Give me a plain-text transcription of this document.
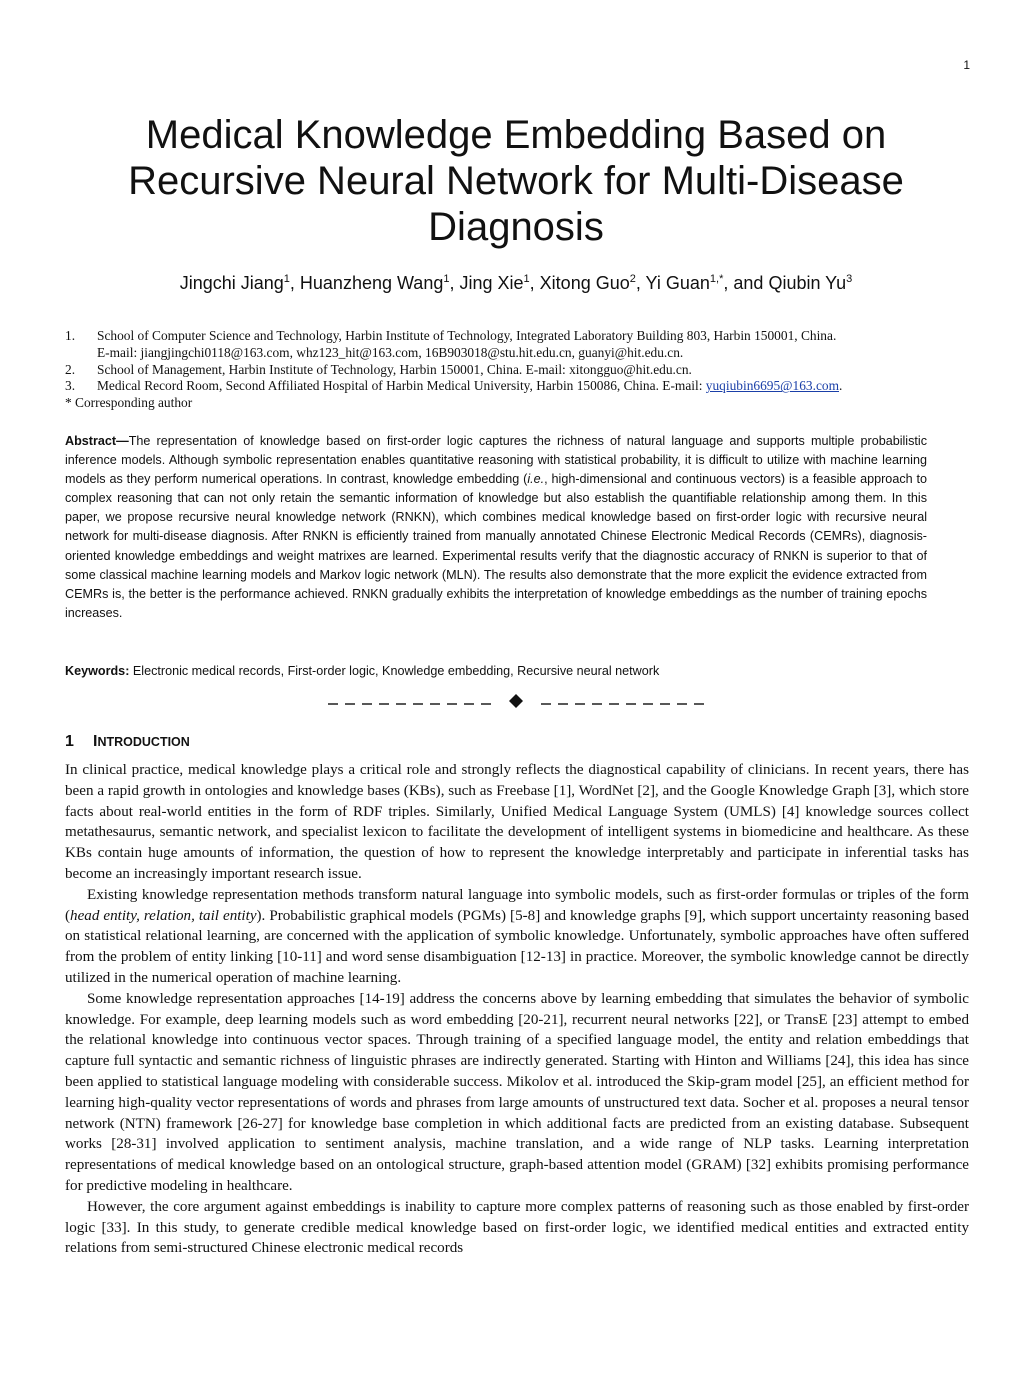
1
Medical Knowledge Embedding Based on Recursive Neural Network for Multi-Disease Diagnosis
Jingchi Jiang$^1$, Huanzheng Wang$^1$, Jing Xie$^1$, Xitong Guo$^2$, Yi Guan$^{1,*}$, and Qiubin Yu$^3$
1.	School of Computer Science and Technology, Harbin Institute of Technology, Integrated Laboratory Building 803, Harbin 150001, China.
E-mail: jiangjingchi0118@163.com, whz123_hit@163.com, 16B903018@stu.hit.edu.cn, guanyi@hit.edu.cn.
2.	School of Management, Harbin Institute of Technology, Harbin 150001, China. E-mail: xitongguo@hit.edu.cn.
3.	Medical Record Room, Second Affiliated Hospital of Harbin Medical University, Harbin 150086, China. E-mail: yuqiubin6695@163.com.
* Corresponding author

Abstract—The representation of knowledge based on first-order logic captures the richness of natural language and supports multiple probabilistic inference models. Although symbolic representation enables quantitative reasoning with statistical probability, it is difficult to utilize with machine learning models as they perform numerical operations. In contrast, knowledge embedding (i.e., high-dimensional and continuous vectors) is a feasible approach to complex reasoning that can not only retain the semantic information of knowledge but also establish the quantifiable relationship among them. In this paper, we propose recursive neural knowledge network (RNKN), which combines medical knowledge based on first-order logic with recursive neural network for multi-disease diagnosis. After RNKN is efficiently trained from manually annotated Chinese Electronic Medical Records (CEMRs), diagnosis-oriented knowledge embeddings and weight matrixes are learned. Experimental results verify that the diagnostic accuracy of RNKN is superior to that of some classical machine learning models and Markov logic network (MLN). The results also demonstrate that the more explicit the evidence extracted from CEMRs is, the better is the performance achieved. RNKN gradually exhibits the interpretation of knowledge embeddings as the number of training epochs increases.

Keywords: Electronic medical records, First-order logic, Knowledge embedding, Recursive neural network
1 INTRODUCTION

In clinical practice, medical knowledge plays a critical role and strongly reflects the diagnostical capability of clinicians. In recent years, there has been a rapid growth in ontologies and knowledge bases (KBs), such as Freebase [1], WordNet [2], and the Google Knowledge Graph [3], which store facts about real-world entities in the form of RDF triples. Similarly, Unified Medical Language System (UMLS) [4] knowledge sources collect metathesaurus, semantic network, and specialist lexicon to facilitate the development of intelligent systems in biomedicine and healthcare. As these KBs contain huge amounts of information, the question of how to represent the knowledge interpretably and participate in inferential tasks has become an increasingly important research issue.

Existing knowledge representation methods transform natural language into symbolic models, such as first-order formulas or triples of the form (head entity, relation, tail entity). Probabilistic graphical models (PGMs) [5-8] and knowledge graphs [9], which support uncertainty reasoning based on statistical relational learning, are concerned with the application of symbolic knowledge. Unfortunately, symbolic approaches have often suffered from the problem of entity linking [10-11] and word sense disambiguation [12-13] in practice. Moreover, the symbolic knowledge cannot be directly utilized in the numerical operation of machine learning.

Some knowledge representation approaches [14-19] address the concerns above by learning embedding that simulates the behavior of symbolic knowledge. For example, deep learning models such as word embedding [20-21], recurrent neural networks [22], or TransE [23] attempt to embed the relational knowledge into continuous vector spaces. Through training of a specified language model, the entity and relation embeddings that capture full syntactic and semantic richness of linguistic phrases are indirectly generated. Starting with Hinton and Williams [24], this idea has since been applied to statistical language modeling with considerable success. Mikolov et al. introduced the Skip-gram model [25], an efficient method for learning high-quality vector representations of words and phrases from large amounts of unstructured text data. Socher et al. proposes a neural tensor network (NTN) framework [26-27] for knowledge base completion in which additional facts are predicted from an existing database. Subsequent works [28-31] involved application to sentiment analysis, machine translation, and a wide range of NLP tasks. Learning interpretation representations of medical knowledge based on an ontological structure, graph-based attention model (GRAM) [32] exhibits promising performance for predictive modeling in healthcare.

However, the core argument against embeddings is inability to capture more complex patterns of reasoning such as those enabled by first-order logic [33]. In this study, to generate credible medical knowledge based on first-order logic, we identified medical entities and extracted entity relations from semi-structured Chinese electronic medical records
